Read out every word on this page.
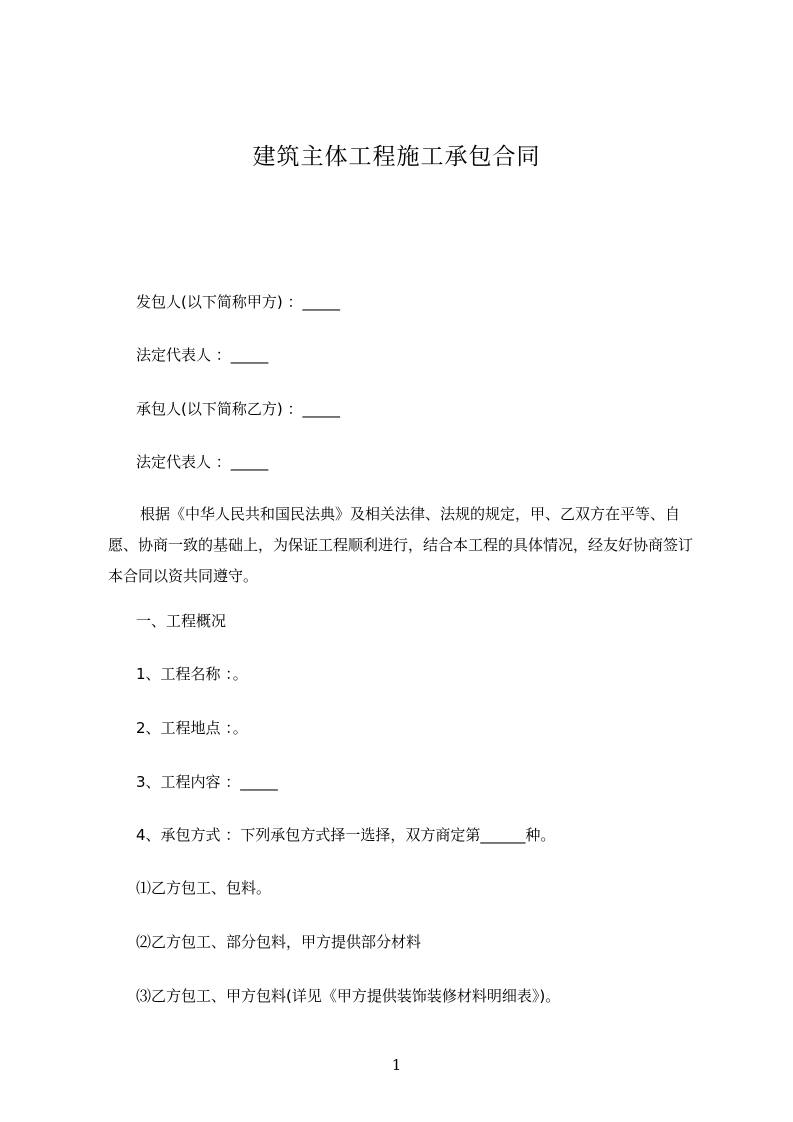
建筑主体工程施工承包合同
发包人(以下简称甲方) ：_____
法定代表人 ：_____
承包人(以下简称乙方) ：_____
法定代表人 ：_____
根据《中华人民共和国民法典》及相关法律、法规的规定，甲、乙双方在平等、自愿、协商一致的基础上，为保证工程顺利进行，结合本工程的具体情况，经友好协商签订本合同以资共同遵守。
一、工程概况
1、工程名称 ：。
2、工程地点 ：。
3、工程内容 ：_____
4、承包方式 ：下列承包方式择一选择，双方商定第______种。
⑴乙方包工、包料。
⑵乙方包工、部分包料，甲方提供部分材料
⑶乙方包工、甲方包料(详见《甲方提供装饰装修材料明细表》)。
1
